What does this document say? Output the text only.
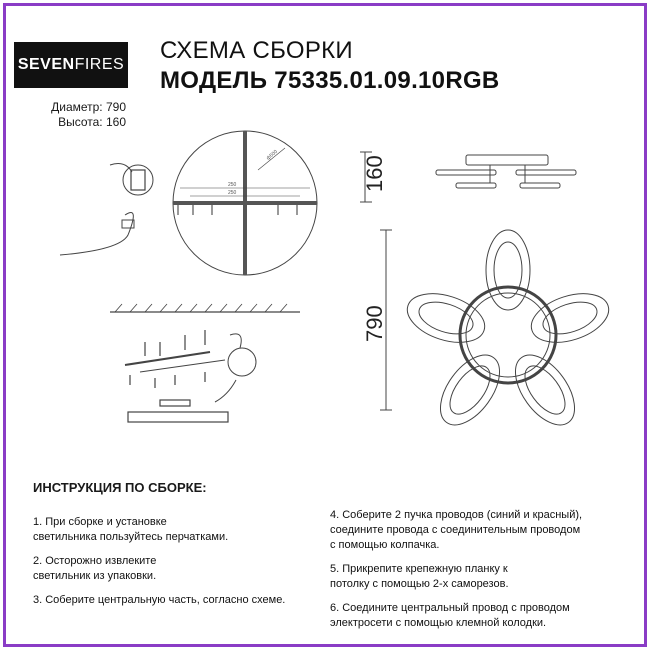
SEVEN FIRES
СХЕМА СБОРКИ
МОДЕЛЬ 75335.01.09.10RGB
Диаметр: 790
Высота: 160
250
250
ф500
160
790
ИНСТРУКЦИЯ ПО СБОРКЕ:

1. При сборке и установке
светильника пользуйтесь перчатками.

2. Осторожно извлеките
светильник из упаковки.

3. Соберите центральную часть, согласно схеме.

4. Соберите 2 пучка проводов (синий и красный),
соедините провода с соединительным проводом
с помощью колпачка.

5. Прикрепите крепежную планку к
потолку с помощью 2-х саморезов.

6. Соедините центральный провод с проводом
электросети с помощью клемной колодки.
